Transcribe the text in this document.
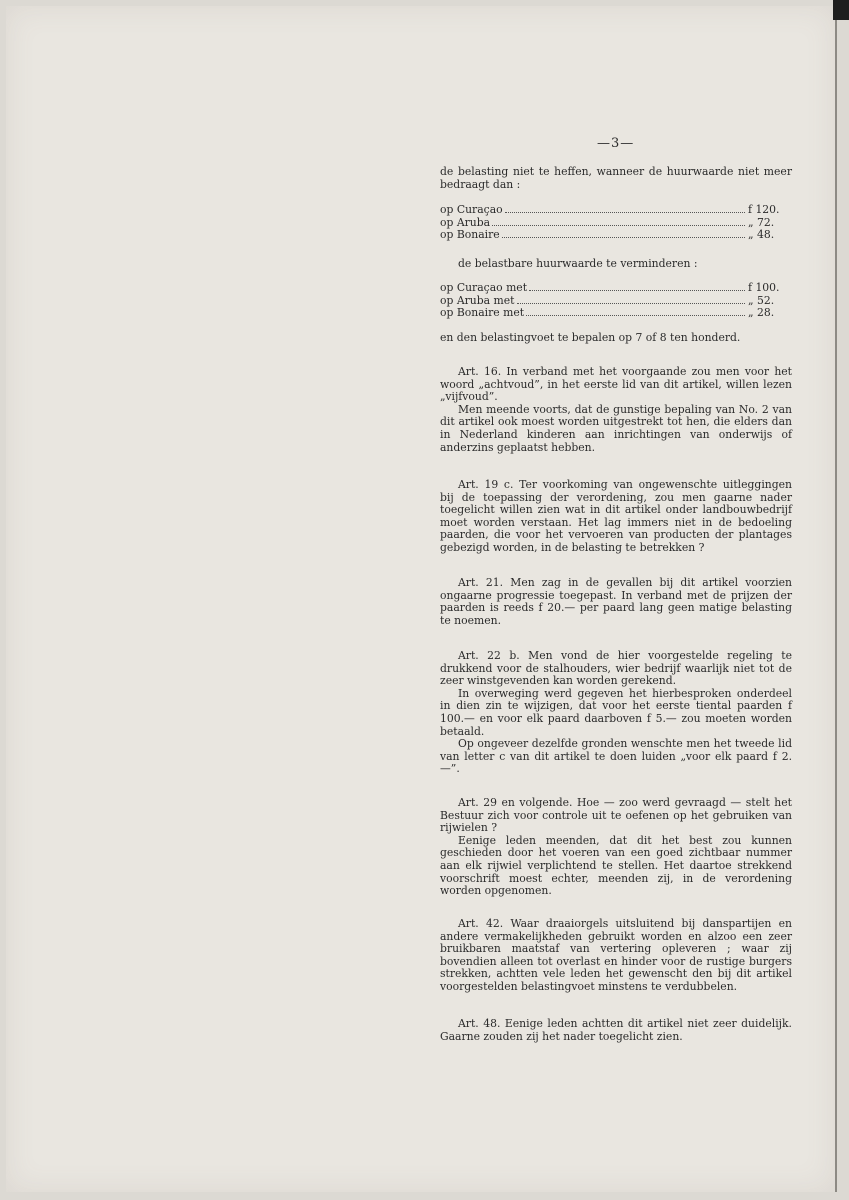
—3—

de belasting niet te heffen, wanneer de huurwaarde niet meer bedraagt dan :

op Curaçao	f 120.
op Aruba	„ 72.
op Bonaire	„ 48.

de belastbare huurwaarde te verminderen :

op Curaçao met	f 100.
op Aruba met	„ 52.
op Bonaire met	„ 28.

en den belastingvoet te bepalen op 7 of 8 ten honderd.

Art. 16. In verband met het voorgaande zou men voor het woord „achtvoud”, in het eerste lid van dit artikel, willen lezen „vijfvoud”.

Men meende voorts, dat de gunstige bepaling van No. 2 van dit artikel ook moest worden uitgestrekt tot hen, die elders dan in Nederland kinderen aan inrichtingen van onderwijs of anderzins geplaatst hebben.

Art. 19 c. Ter voorkoming van ongewenschte uitleggingen bij de toepassing der verordening, zou men gaarne nader toegelicht willen zien wat in dit artikel onder landbouwbedrijf moet worden verstaan. Het lag immers niet in de bedoeling paarden, die voor het vervoeren van producten der plantages gebezigd worden, in de belasting te betrekken ?

Art. 21. Men zag in de gevallen bij dit artikel voorzien ongaarne progressie toegepast. In verband met de prijzen der paarden is reeds f 20.— per paard lang geen matige belasting te noemen.

Art. 22 b. Men vond de hier voorgestelde regeling te drukkend voor de stalhouders, wier bedrijf waarlijk niet tot de zeer winstgevenden kan worden gerekend.

In overweging werd gegeven het hierbesproken onderdeel in dien zin te wijzigen, dat voor het eerste tiental paarden f 100.— en voor elk paard daarboven f 5.— zou moeten worden betaald.

Op ongeveer dezelfde gronden wenschte men het tweede lid van letter c van dit artikel te doen luiden „voor elk paard f 2.—”.

Art. 29 en volgende. Hoe — zoo werd gevraagd — stelt het Bestuur zich voor controle uit te oefenen op het gebruiken van rijwielen ?

Eenige leden meenden, dat dit het best zou kunnen geschieden door het voeren van een goed zichtbaar nummer aan elk rijwiel verplichtend te stellen. Het daartoe strekkend voorschrift moest echter, meenden zij, in de verordening worden opgenomen.

Art. 42. Waar draaiorgels uitsluitend bij danspartijen en andere vermakelijkheden gebruikt worden en alzoo een zeer bruikbaren maatstaf van vertering opleveren ; waar zij bovendien alleen tot overlast en hinder voor de rustige burgers strekken, achtten vele leden het gewenscht den bij dit artikel voorgestelden belastingvoet minstens te verdubbelen.

Art. 48. Eenige leden achtten dit artikel niet zeer duidelijk. Gaarne zouden zij het nader toegelicht zien.
